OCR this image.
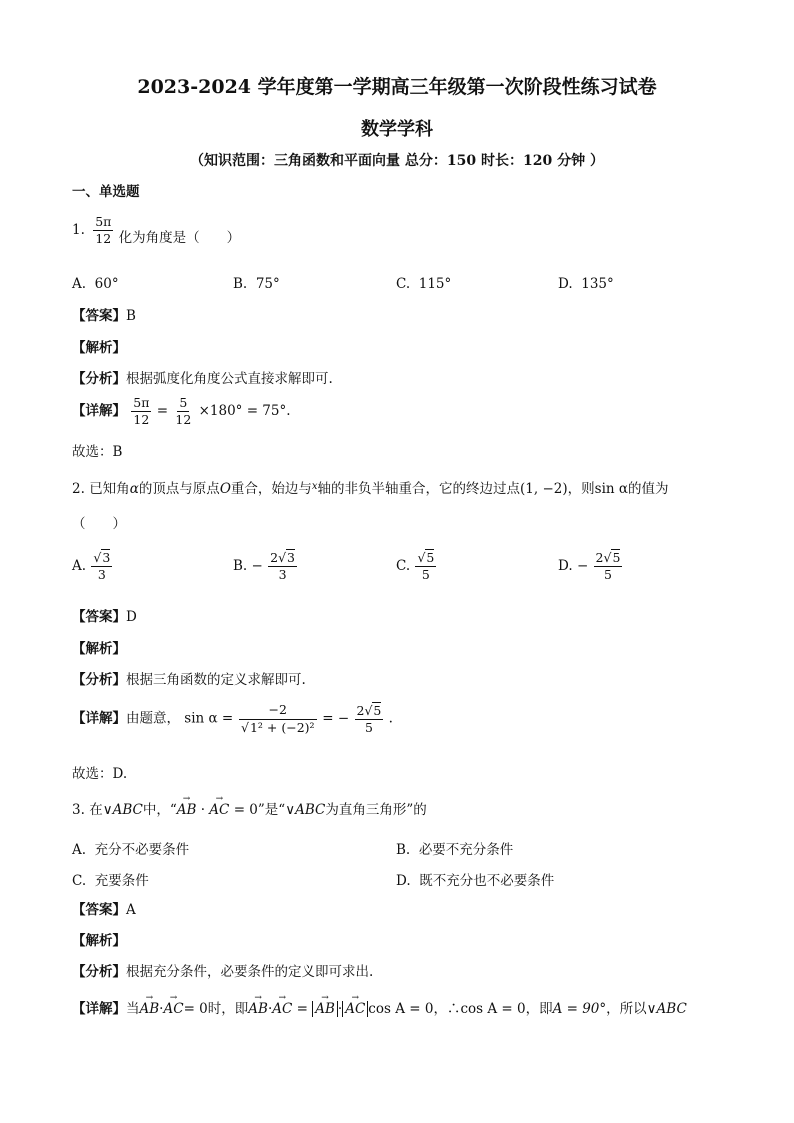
2023-2024 学年度第一学期高三年级第一次阶段性练习试卷
数学学科
（知识范围：三角函数和平面向量 总分：150 时长：120 分钟 ）
一、单选题
1. $\frac{5\pi}{12}$ 化为角度是（　　）
A. 60°	B. 75°	C. 115°	D. 135°
【答案】B
【解析】
【分析】根据弧度化角度公式直接求解即可.
【详解】 $\frac{5\pi}{12} = \frac{5}{12} \times 180^\circ = 75^\circ$.
故选：B
2. 已知角α的顶点与原点O重合，始边与$^x$轴的非负半轴重合，它的终边过点(1, −2)，则sin α的值为
（　　）
A. $\frac{√3}{3}$	B. − $\frac{2√3}{3}$	C. $\frac{√5}{5}$	D. − $\frac{2√5}{5}$
【答案】D
【解析】
【分析】根据三角函数的定义求解即可.
【详解】由题意， $\sin \alpha = \frac{-2}{\text{√1² + (−2)²}}$ = − $\frac{2√5}{5}$ .
故选：D.
3. 在∨ABC中，“→ AB · → AC = 0”是“∨ABC为直角三角形”的
A. 充分不必要条件	B. 必要不充分条件
C. 充要条件	D. 既不充分也不必要条件
【答案】A
【解析】
【分析】根据充分条件，必要条件的定义即可求出.
【详解】当→ AB·→ AC= 0时，即→ AB·→ AC = → AB · → AC cos A = 0，∴cos A = 0，即A = 90°，所以∨ABC
